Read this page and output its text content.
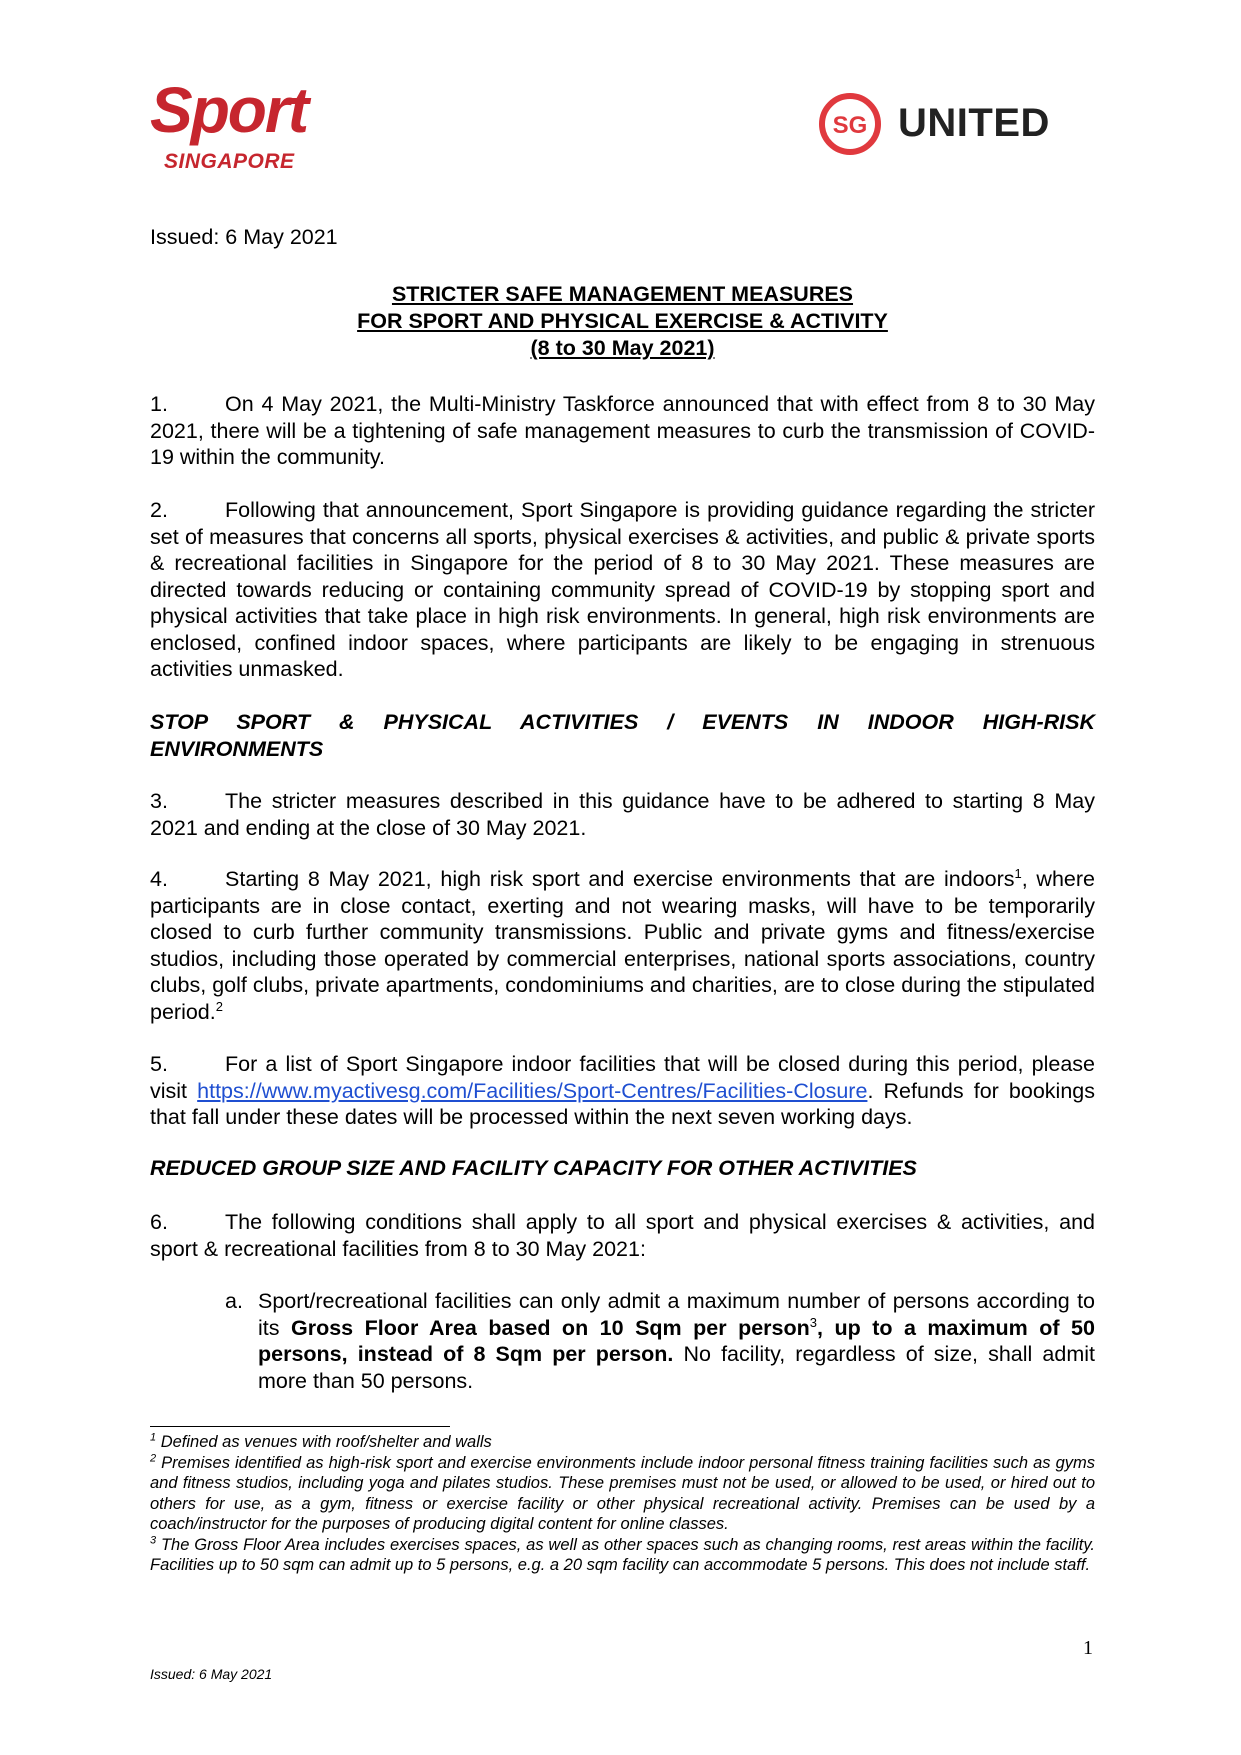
Sport
SINGAPORE
SG UNITED
Issued: 6 May 2021
STRICTER SAFE MANAGEMENT MEASURES
FOR SPORT AND PHYSICAL EXERCISE & ACTIVITY
(8 to 30 May 2021)
1.	On 4 May 2021, the Multi-Ministry Taskforce announced that with effect from 8 to 30 May 2021, there will be a tightening of safe management measures to curb the transmission of COVID-19 within the community.
2.	Following that announcement, Sport Singapore is providing guidance regarding the stricter set of measures that concerns all sports, physical exercises & activities, and public & private sports & recreational facilities in Singapore for the period of 8 to 30 May 2021. These measures are directed towards reducing or containing community spread of COVID-19 by stopping sport and physical activities that take place in high risk environments. In general, high risk environments are enclosed, confined indoor spaces, where participants are likely to be engaging in strenuous activities unmasked.
STOP SPORT & PHYSICAL ACTIVITIES / EVENTS IN INDOOR HIGH-RISK
ENVIRONMENTS
3.	The stricter measures described in this guidance have to be adhered to starting 8 May 2021 and ending at the close of 30 May 2021.
4.	Starting 8 May 2021, high risk sport and exercise environments that are indoors$^1$, where participants are in close contact, exerting and not wearing masks, will have to be temporarily closed to curb further community transmissions. Public and private gyms and fitness/exercise studios, including those operated by commercial enterprises, national sports associations, country clubs, golf clubs, private apartments, condominiums and charities, are to close during the stipulated period.$^2$
5.	For a list of Sport Singapore indoor facilities that will be closed during this period, please visit https://www.myactivesg.com/Facilities/Sport-Centres/Facilities-Closure. Refunds for bookings that fall under these dates will be processed within the next seven working days.
REDUCED GROUP SIZE AND FACILITY CAPACITY FOR OTHER ACTIVITIES
6.	The following conditions shall apply to all sport and physical exercises & activities, and sport & recreational facilities from 8 to 30 May 2021:
a. Sport/recreational facilities can only admit a maximum number of persons according to its Gross Floor Area based on 10 Sqm per person$^3$, up to a maximum of 50 persons, instead of 8 Sqm per person. No facility, regardless of size, shall admit more than 50 persons.

$^1$ Defined as venues with roof/shelter and walls

$^2$ Premises identified as high-risk sport and exercise environments include indoor personal fitness training facilities such as gyms and fitness studios, including yoga and pilates studios. These premises must not be used, or allowed to be used, or hired out to others for use, as a gym, fitness or exercise facility or other physical recreational activity. Premises can be used by a coach/instructor for the purposes of producing digital content for online classes.

$^3$ The Gross Floor Area includes exercises spaces, as well as other spaces such as changing rooms, rest areas within the facility. Facilities up to 50 sqm can admit up to 5 persons, e.g. a 20 sqm facility can accommodate 5 persons. This does not include staff.

1
Issued: 6 May 2021
